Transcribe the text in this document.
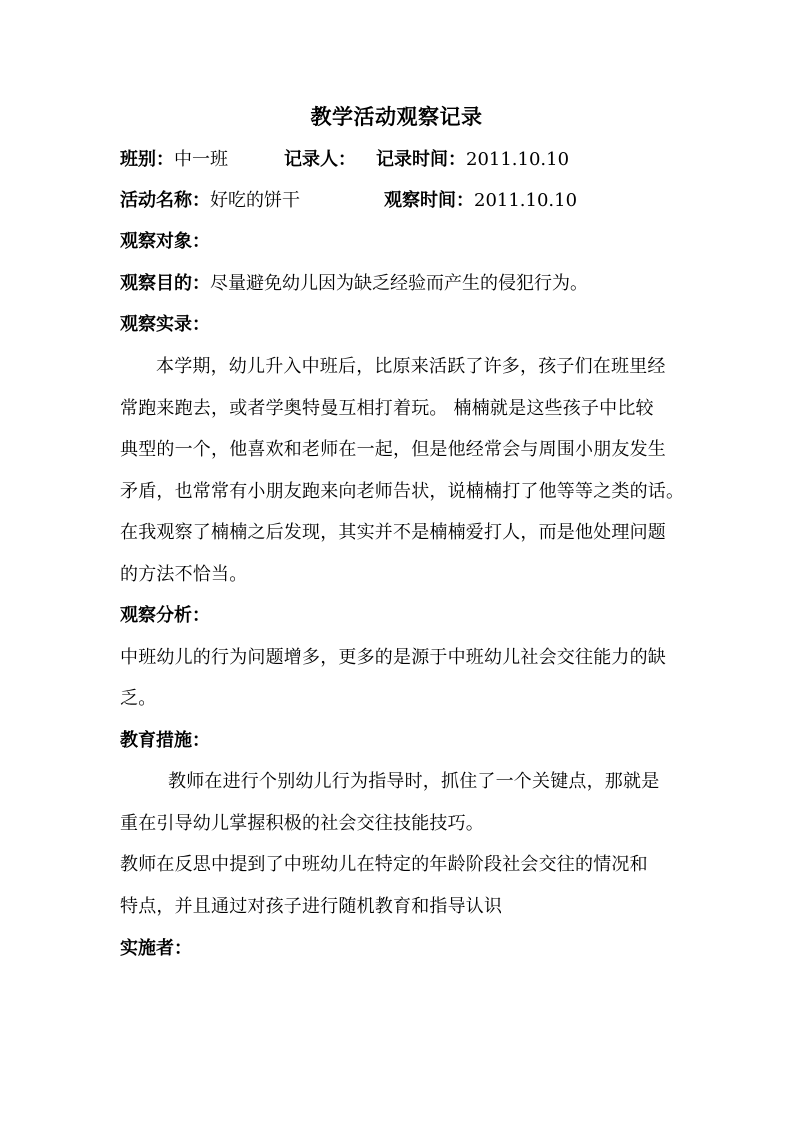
教学活动观察记录
班别：中一班	记录人： 记录时间：2011.10.10
活动名称：好吃的饼干	观察时间：2011.10.10
观察对象：
观察目的：尽量避免幼儿因为缺乏经验而产生的侵犯行为。
观察实录：
本学期，幼儿升入中班后，比原来活跃了许多，孩子们在班里经
常跑来跑去，或者学奥特曼互相打着玩。 楠楠就是这些孩子中比较
典型的一个，他喜欢和老师在一起，但是他经常会与周围小朋友发生
矛盾，也常常有小朋友跑来向老师告状，说楠楠打了他等等之类的话。
在我观察了楠楠之后发现，其实并不是楠楠爱打人，而是他处理问题
的方法不恰当。
观察分析：
中班幼儿的行为问题增多，更多的是源于中班幼儿社会交往能力的缺
乏。
教育措施：
教师在进行个别幼儿行为指导时，抓住了一个关键点，那就是
重在引导幼儿掌握积极的社会交往技能技巧。
教师在反思中提到了中班幼儿在特定的年龄阶段社会交往的情况和
特点，并且通过对孩子进行随机教育和指导认识
实施者：
